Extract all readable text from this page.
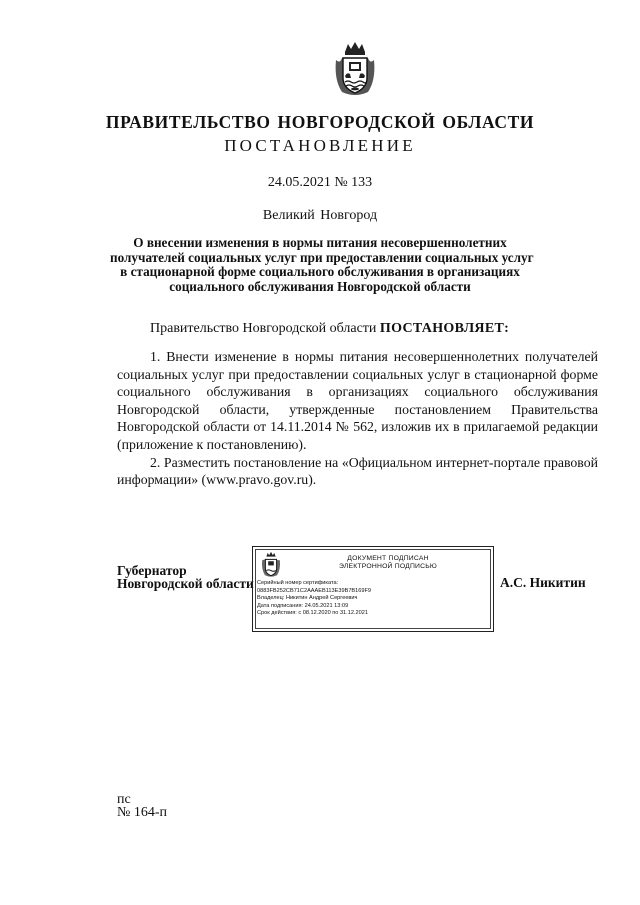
ПРАВИТЕЛЬСТВО НОВГОРОДСКОЙ ОБЛАСТИ
ПОСТАНОВЛЕНИЕ
24.05.2021 № 133
Великий Новгород

О внесении изменения в нормы питания несовершеннолетних
получателей социальных услуг при предоставлении социальных услуг
в стационарной форме социального обслуживания в организациях
социального обслуживания Новгородской области

Правительство Новгородской области ПОСТАНОВЛЯЕТ:

1. Внести изменение в нормы питания несовершеннолетних получателей социальных услуг при предоставлении социальных услуг в стационарной форме социального обслуживания в организациях социального обслуживания Новгородской области, утвержденные постановлением Правительства Новгородской области от 14.11.2014 № 562, изложив их в прилагаемой редакции (приложение к постановлению).

2. Разместить постановление на «Официальном интернет-портале правовой информации» (www.pravo.gov.ru).

Губернатор
Новгородской области
ДОКУМЕНТ ПОДПИСАН
ЭЛЕКТРОННОЙ ПОДПИСЬЮ
Серийный номер сертификата:
0883FB252CB71C2AAAEB113E39B7B169F9
Владелец: Никитин Андрей Сергеевич
Дата подписания: 24.05.2021 13:09
Срок действия: с 08.12.2020 по 31.12.2021
А.С. Никитин
пс
№ 164-п
